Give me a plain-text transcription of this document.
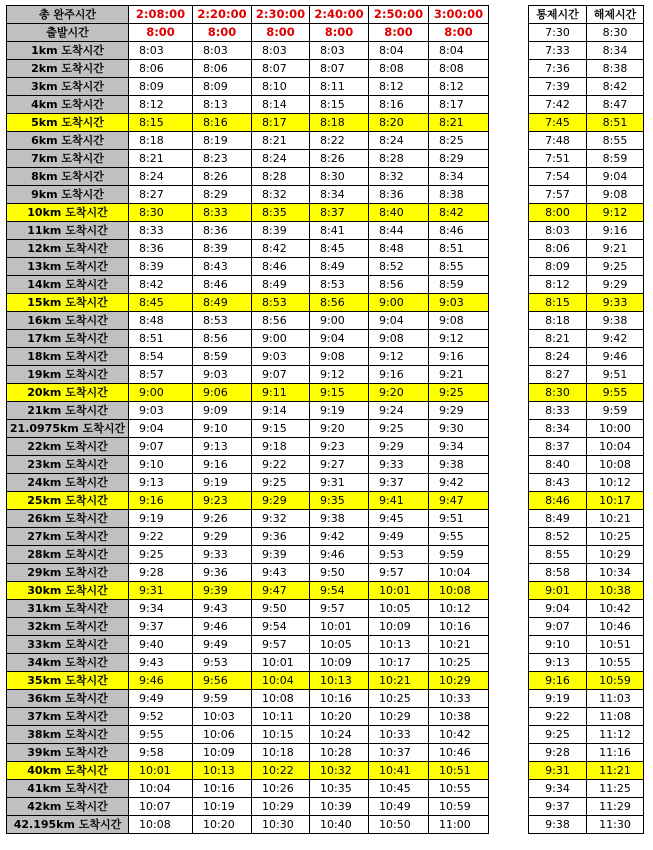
총 완주시간	2:08:00	2:20:00	2:30:00	2:40:00	2:50:00	3:00:00
출발시간	8:00	8:00	8:00	8:00	8:00	8:00
1km 도착시간	8:03	8:03	8:03	8:03	8:04	8:04
2km 도착시간	8:06	8:06	8:07	8:07	8:08	8:08
3km 도착시간	8:09	8:09	8:10	8:11	8:12	8:12
4km 도착시간	8:12	8:13	8:14	8:15	8:16	8:17
5km 도착시간	8:15	8:16	8:17	8:18	8:20	8:21
6km 도착시간	8:18	8:19	8:21	8:22	8:24	8:25
7km 도착시간	8:21	8:23	8:24	8:26	8:28	8:29
8km 도착시간	8:24	8:26	8:28	8:30	8:32	8:34
9km 도착시간	8:27	8:29	8:32	8:34	8:36	8:38
10km 도착시간	8:30	8:33	8:35	8:37	8:40	8:42
11km 도착시간	8:33	8:36	8:39	8:41	8:44	8:46
12km 도착시간	8:36	8:39	8:42	8:45	8:48	8:51
13km 도착시간	8:39	8:43	8:46	8:49	8:52	8:55
14km 도착시간	8:42	8:46	8:49	8:53	8:56	8:59
15km 도착시간	8:45	8:49	8:53	8:56	9:00	9:03
16km 도착시간	8:48	8:53	8:56	9:00	9:04	9:08
17km 도착시간	8:51	8:56	9:00	9:04	9:08	9:12
18km 도착시간	8:54	8:59	9:03	9:08	9:12	9:16
19km 도착시간	8:57	9:03	9:07	9:12	9:16	9:21
20km 도착시간	9:00	9:06	9:11	9:15	9:20	9:25
21km 도착시간	9:03	9:09	9:14	9:19	9:24	9:29
21.0975km 도착시간	9:04	9:10	9:15	9:20	9:25	9:30
22km 도착시간	9:07	9:13	9:18	9:23	9:29	9:34
23km 도착시간	9:10	9:16	9:22	9:27	9:33	9:38
24km 도착시간	9:13	9:19	9:25	9:31	9:37	9:42
25km 도착시간	9:16	9:23	9:29	9:35	9:41	9:47
26km 도착시간	9:19	9:26	9:32	9:38	9:45	9:51
27km 도착시간	9:22	9:29	9:36	9:42	9:49	9:55
28km 도착시간	9:25	9:33	9:39	9:46	9:53	9:59
29km 도착시간	9:28	9:36	9:43	9:50	9:57	10:04
30km 도착시간	9:31	9:39	9:47	9:54	10:01	10:08
31km 도착시간	9:34	9:43	9:50	9:57	10:05	10:12
32km 도착시간	9:37	9:46	9:54	10:01	10:09	10:16
33km 도착시간	9:40	9:49	9:57	10:05	10:13	10:21
34km 도착시간	9:43	9:53	10:01	10:09	10:17	10:25
35km 도착시간	9:46	9:56	10:04	10:13	10:21	10:29
36km 도착시간	9:49	9:59	10:08	10:16	10:25	10:33
37km 도착시간	9:52	10:03	10:11	10:20	10:29	10:38
38km 도착시간	9:55	10:06	10:15	10:24	10:33	10:42
39km 도착시간	9:58	10:09	10:18	10:28	10:37	10:46
40km 도착시간	10:01	10:13	10:22	10:32	10:41	10:51
41km 도착시간	10:04	10:16	10:26	10:35	10:45	10:55
42km 도착시간	10:07	10:19	10:29	10:39	10:49	10:59
42.195km 도착시간	10:08	10:20	10:30	10:40	10:50	11:00
통제시간	해제시간
7:30	8:30
7:33	8:34
7:36	8:38
7:39	8:42
7:42	8:47
7:45	8:51
7:48	8:55
7:51	8:59
7:54	9:04
7:57	9:08
8:00	9:12
8:03	9:16
8:06	9:21
8:09	9:25
8:12	9:29
8:15	9:33
8:18	9:38
8:21	9:42
8:24	9:46
8:27	9:51
8:30	9:55
8:33	9:59
8:34	10:00
8:37	10:04
8:40	10:08
8:43	10:12
8:46	10:17
8:49	10:21
8:52	10:25
8:55	10:29
8:58	10:34
9:01	10:38
9:04	10:42
9:07	10:46
9:10	10:51
9:13	10:55
9:16	10:59
9:19	11:03
9:22	11:08
9:25	11:12
9:28	11:16
9:31	11:21
9:34	11:25
9:37	11:29
9:38	11:30
